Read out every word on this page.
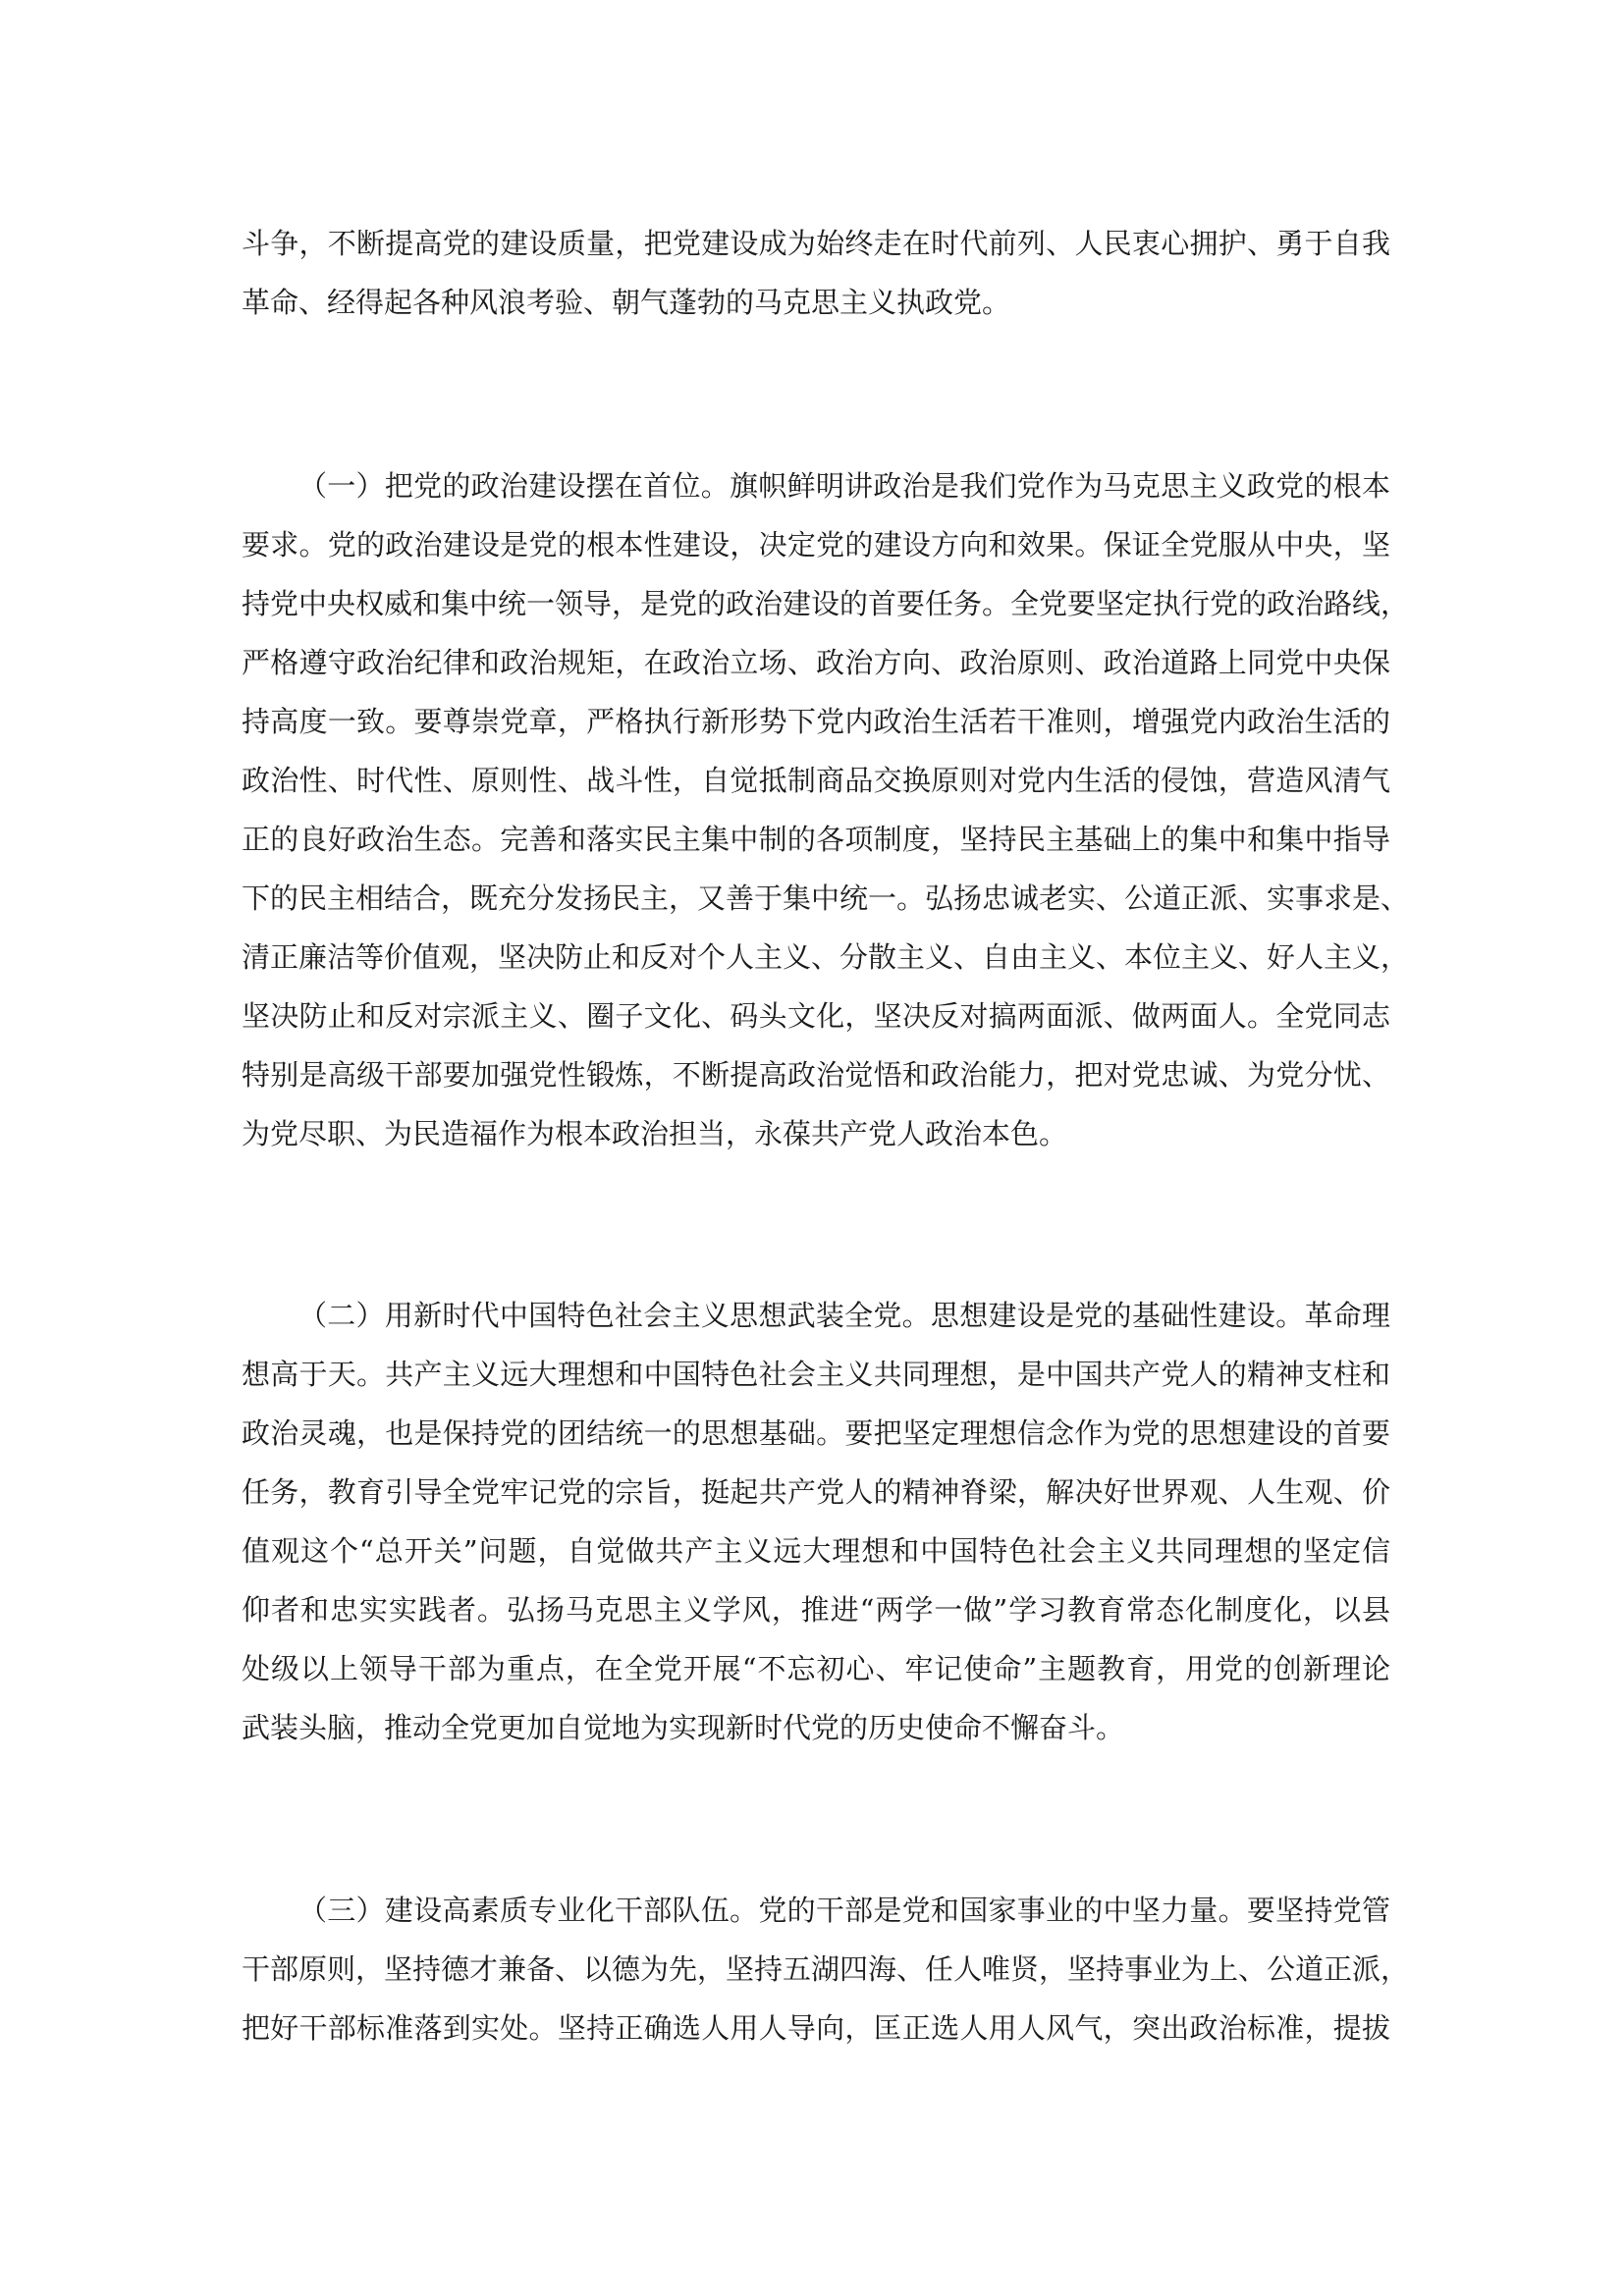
斗争，不断提高党的建设质量，把党建设成为始终走在时代前列、人民衷心拥护、勇于自我
革命、经得起各种风浪考验、朝气蓬勃的马克思主义执政党。
（一）把党的政治建设摆在首位。旗帜鲜明讲政治是我们党作为马克思主义政党的根本
要求。党的政治建设是党的根本性建设，决定党的建设方向和效果。保证全党服从中央，坚
持党中央权威和集中统一领导，是党的政治建设的首要任务。全党要坚定执行党的政治路线，
严格遵守政治纪律和政治规矩，在政治立场、政治方向、政治原则、政治道路上同党中央保
持高度一致。要尊崇党章，严格执行新形势下党内政治生活若干准则，增强党内政治生活的
政治性、时代性、原则性、战斗性，自觉抵制商品交换原则对党内生活的侵蚀，营造风清气
正的良好政治生态。完善和落实民主集中制的各项制度，坚持民主基础上的集中和集中指导
下的民主相结合，既充分发扬民主，又善于集中统一。弘扬忠诚老实、公道正派、实事求是、
清正廉洁等价值观，坚决防止和反对个人主义、分散主义、自由主义、本位主义、好人主义，
坚决防止和反对宗派主义、圈子文化、码头文化，坚决反对搞两面派、做两面人。全党同志
特别是高级干部要加强党性锻炼，不断提高政治觉悟和政治能力，把对党忠诚、为党分忧、
为党尽职、为民造福作为根本政治担当，永葆共产党人政治本色。
（二）用新时代中国特色社会主义思想武装全党。思想建设是党的基础性建设。革命理
想高于天。共产主义远大理想和中国特色社会主义共同理想，是中国共产党人的精神支柱和
政治灵魂，也是保持党的团结统一的思想基础。要把坚定理想信念作为党的思想建设的首要
任务，教育引导全党牢记党的宗旨，挺起共产党人的精神脊梁，解决好世界观、人生观、价
值观这个“总开关”问题，自觉做共产主义远大理想和中国特色社会主义共同理想的坚定信
仰者和忠实实践者。弘扬马克思主义学风，推进“两学一做”学习教育常态化制度化，以县
处级以上领导干部为重点，在全党开展“不忘初心、牢记使命”主题教育，用党的创新理论
武装头脑，推动全党更加自觉地为实现新时代党的历史使命不懈奋斗。
（三）建设高素质专业化干部队伍。党的干部是党和国家事业的中坚力量。要坚持党管
干部原则，坚持德才兼备、以德为先，坚持五湖四海、任人唯贤，坚持事业为上、公道正派，
把好干部标准落到实处。坚持正确选人用人导向，匡正选人用人风气，突出政治标准，提拔
